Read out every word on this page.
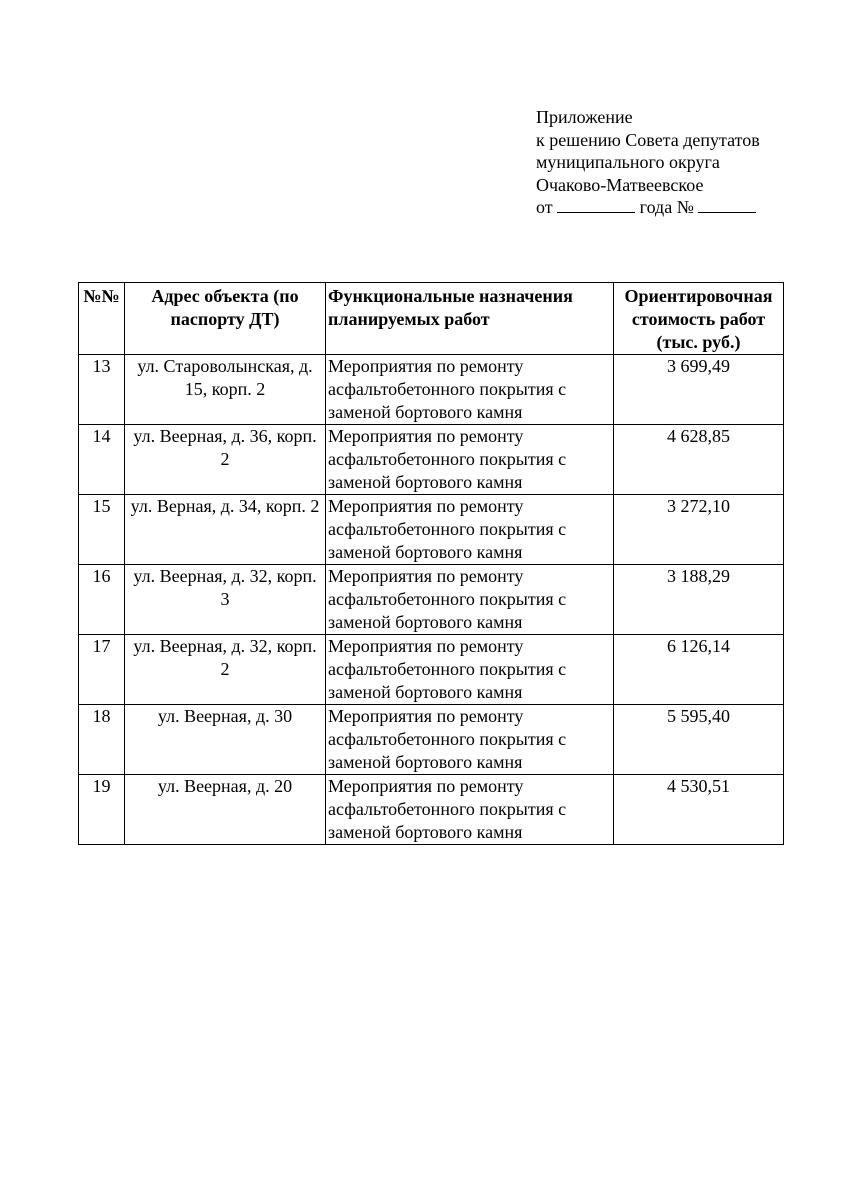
Приложение
к решению Совета депутатов
муниципального округа
Очаково-Матвеевское
от	года №
№№	Адрес объекта (по паспорту ДТ)	Функциональные назначения планируемых работ	Ориентировочная стоимость работ (тыс. руб.)
13	ул. Староволынская, д. 15, корп. 2	Мероприятия по ремонту асфальтобетонного покрытия с заменой бортового камня	3 699,49
14	ул. Веерная, д. 36, корп. 2	Мероприятия по ремонту асфальтобетонного покрытия с заменой бортового камня	4 628,85
15	ул. Верная, д. 34, корп. 2	Мероприятия по ремонту асфальтобетонного покрытия с заменой бортового камня	3 272,10
16	ул. Веерная, д. 32, корп. 3	Мероприятия по ремонту асфальтобетонного покрытия с заменой бортового камня	3 188,29
17	ул. Веерная, д. 32, корп. 2	Мероприятия по ремонту асфальтобетонного покрытия с заменой бортового камня	6 126,14
18	ул. Веерная, д. 30	Мероприятия по ремонту асфальтобетонного покрытия с заменой бортового камня	5 595,40
19	ул. Веерная, д. 20	Мероприятия по ремонту асфальтобетонного покрытия с заменой бортового камня	4 530,51
